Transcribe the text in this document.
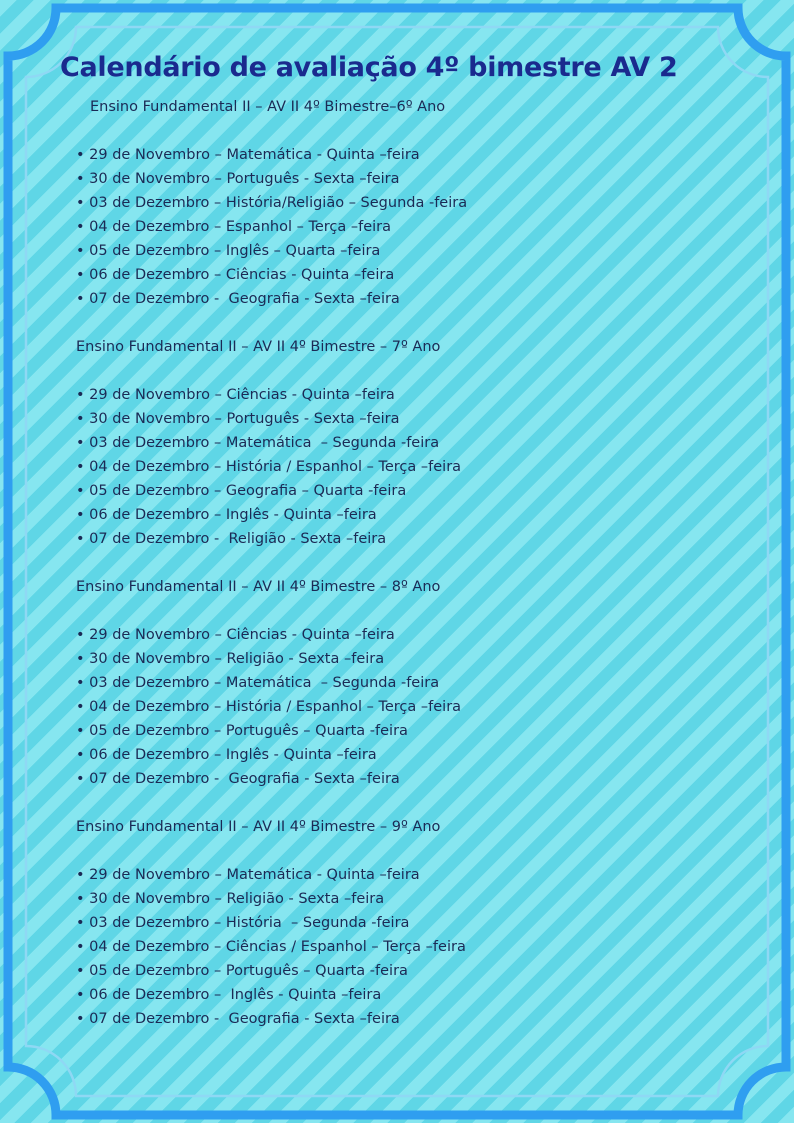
Calendário de avaliação 4º bimestre AV 2
Ensino Fundamental II – AV II 4º Bimestre–6º Ano
• 29 de Novembro – Matemática - Quinta –feira
• 30 de Novembro – Português - Sexta –feira
• 03 de Dezembro – História/Religião – Segunda -feira
• 04 de Dezembro – Espanhol – Terça –feira
• 05 de Dezembro – Inglês – Quarta –feira
• 06 de Dezembro – Ciências - Quinta –feira
• 07 de Dezembro -  Geografia - Sexta –feira
Ensino Fundamental II – AV II 4º Bimestre – 7º Ano
• 29 de Novembro – Ciências - Quinta –feira
• 30 de Novembro – Português - Sexta –feira
• 03 de Dezembro – Matemática  – Segunda -feira
• 04 de Dezembro – História / Espanhol – Terça –feira
• 05 de Dezembro – Geografia – Quarta -feira
• 06 de Dezembro – Inglês - Quinta –feira
• 07 de Dezembro -  Religião - Sexta –feira
Ensino Fundamental II – AV II 4º Bimestre – 8º Ano
• 29 de Novembro – Ciências - Quinta –feira
• 30 de Novembro – Religião - Sexta –feira
• 03 de Dezembro – Matemática  – Segunda -feira
• 04 de Dezembro – História / Espanhol – Terça –feira
• 05 de Dezembro – Português – Quarta -feira
• 06 de Dezembro – Inglês - Quinta –feira
• 07 de Dezembro -  Geografia - Sexta –feira
Ensino Fundamental II – AV II 4º Bimestre – 9º Ano
• 29 de Novembro – Matemática - Quinta –feira
• 30 de Novembro – Religião - Sexta –feira
• 03 de Dezembro – História  – Segunda -feira
• 04 de Dezembro – Ciências / Espanhol – Terça –feira
• 05 de Dezembro – Português – Quarta -feira
• 06 de Dezembro –  Inglês - Quinta –feira
• 07 de Dezembro -  Geografia - Sexta –feira
